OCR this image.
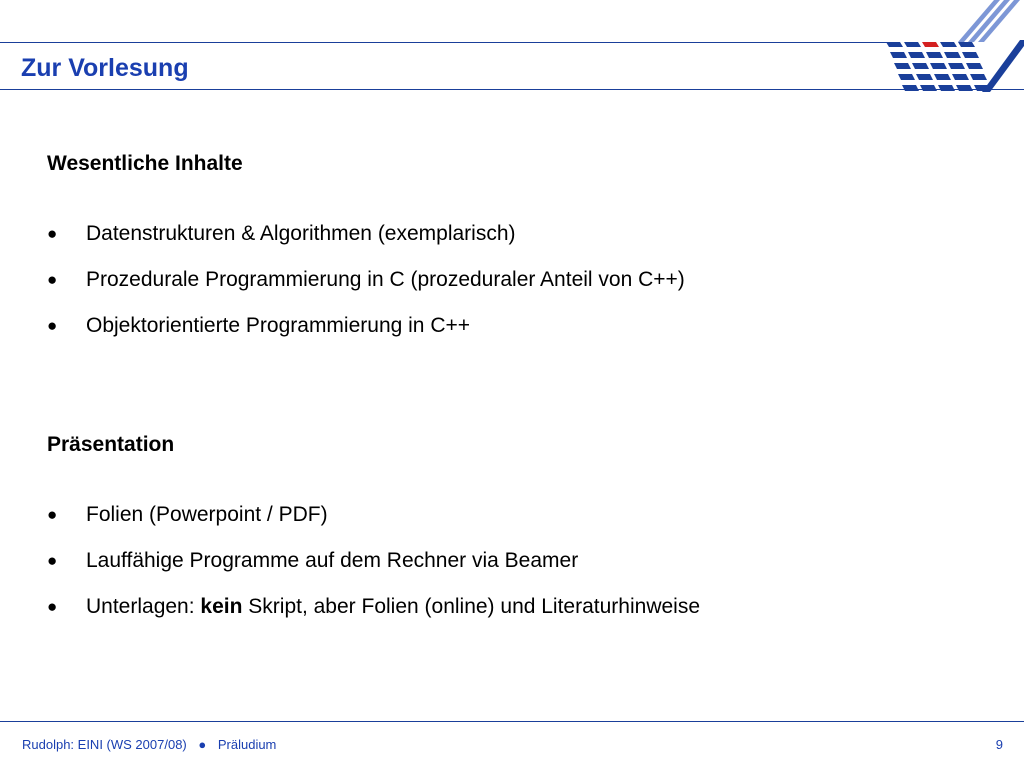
Zur Vorlesung
Wesentliche Inhalte
● Datenstrukturen & Algorithmen (exemplarisch)
● Prozedurale Programmierung in C (prozeduraler Anteil von C++)
● Objektorientierte Programmierung in C++
Präsentation
● Folien (Powerpoint / PDF)
● Lauffähige Programme auf dem Rechner via Beamer
● Unterlagen: kein Skript, aber Folien (online) und Literaturhinweise
Rudolph: EINI (WS 2007/08) ● Präludium	9
